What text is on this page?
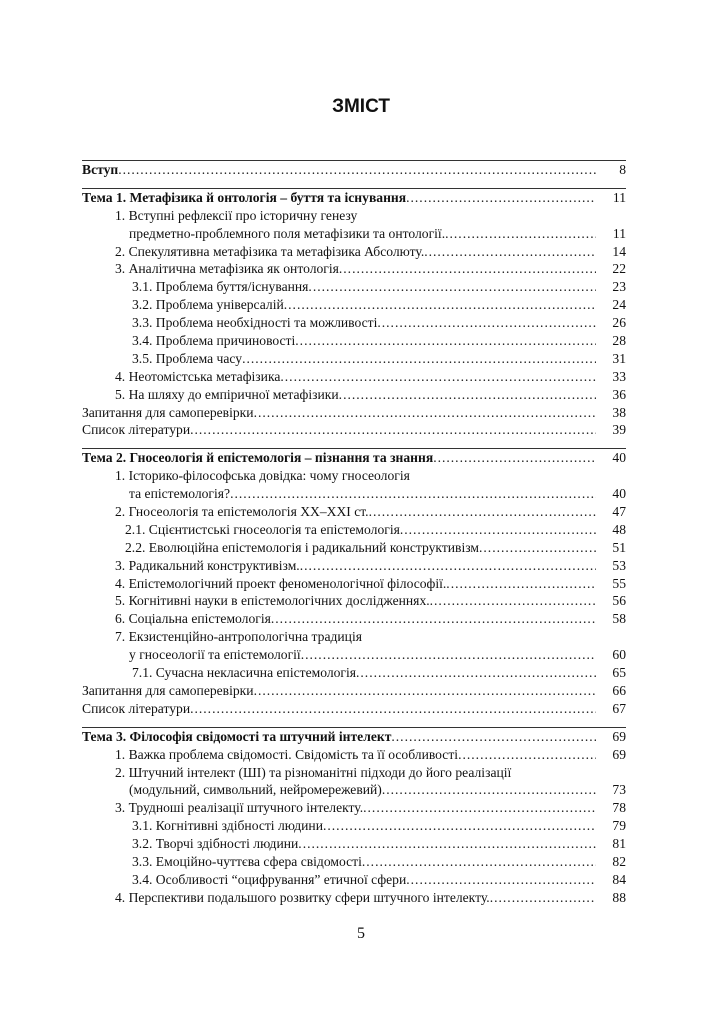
ЗМІСТ
Вступ . . .	8
Тема 1. Метафізика й онтологія – буття та існування . . .	11
1. Вступні рефлексії про історичну генезу
предметно-проблемного поля метафізики та онтології. . . .	11
2. Спекулятивна метафізика та метафізика Абсолюту. . . .	14
3. Аналітична метафізика як онтологія . . .	22
3.1. Проблема буття/існування . . .	23
3.2. Проблема універсалій . . .	24
3.3. Проблема необхідності та можливості . . .	26
3.4. Проблема причиновості . . .	28
3.5. Проблема часу . . .	31
4. Неотомістська метафізика . . .	33
5. На шляху до емпіричної метафізики . . .	36
Запитання для самоперевірки . . .	38
Список літератури . . .	39
Тема 2. Гносеологія й епістемологія – пізнання та знання . . .	40
1. Історико-філософська довідка: чому гносеологія
та епістемологія? . . .	40
2. Гносеологія та епістемологія XX–XXI ст. . . .	47
2.1. Сцієнтистські гносеологія та епістемологія . . .	48
2.2. Еволюційна епістемологія і радикальний конструктивізм . . .	51
3. Радикальний конструктивізм. . . .	53
4. Епістемологічний проект феноменологічної філософії. . . .	55
5. Когнітивні науки в епістемологічних дослідженнях. . . .	56
6. Соціальна епістемологія . . .	58
7. Екзистенційно-антропологічна традиція
у гносеології та епістемології . . .	60
7.1. Сучасна некласична епістемологія . . .	65
Запитання для самоперевірки . . .	66
Список літератури . . .	67
Тема 3. Філософія свідомості та штучний інтелект . . .	69
1. Важка проблема свідомості. Свідомість та її особливості . . .	69
2. Штучний інтелект (ШІ) та різноманітні підходи до його реалізації
(модульний, символьний, нейромережевий) . . .	73
3. Трудноші реалізації штучного інтелекту. . . .	78
3.1. Когнітивні здібності людини . . .	79
3.2. Творчі здібності людини . . .	81
3.3. Емоційно-чуттєва сфера свідомості . . .	82
3.4. Особливості “оцифрування” етичної сфери . . .	84
4. Перспективи подальшого розвитку сфери штучного інтелекту. . . .	88

5
